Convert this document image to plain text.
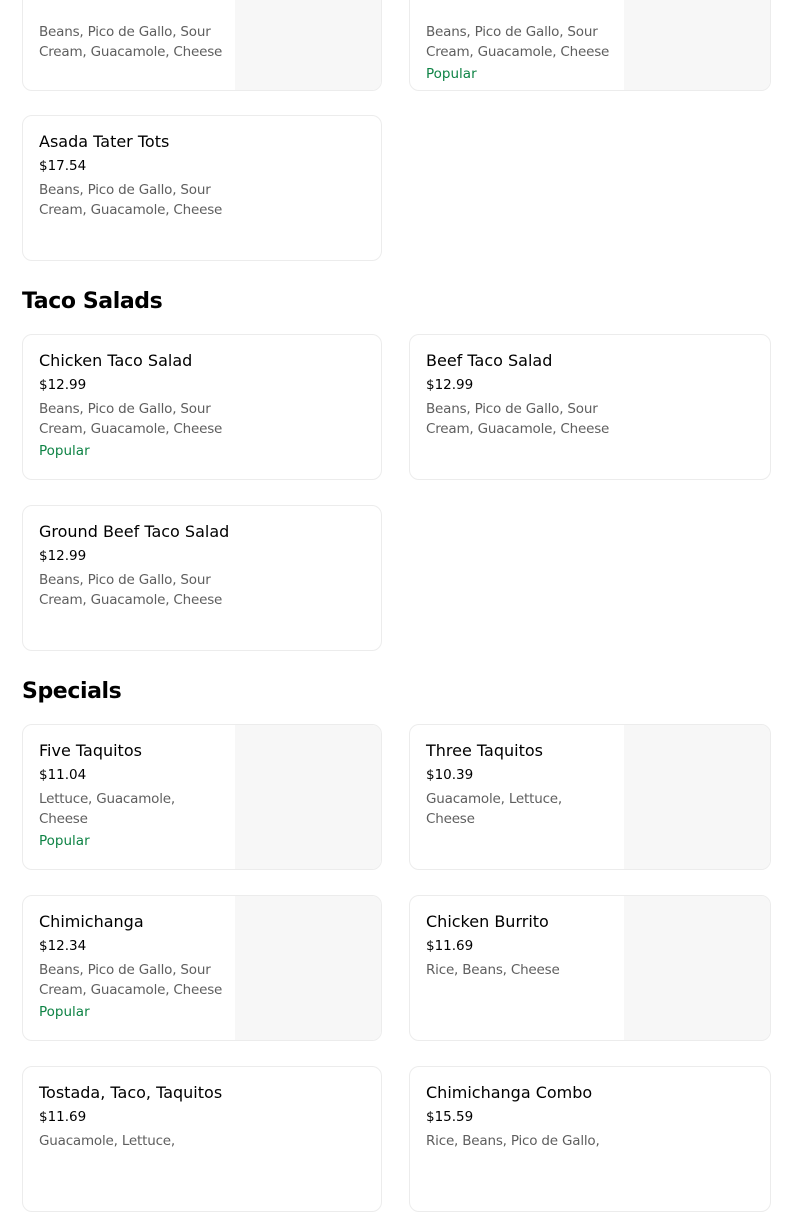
Beans, Pico de Gallo, Sour Cream, Guacamole, Cheese
Beans, Pico de Gallo, Sour Cream, Guacamole, Cheese
Popular
Asada Tater Tots
$17.54
Beans, Pico de Gallo, Sour Cream, Guacamole, Cheese
Taco Salads
Chicken Taco Salad
$12.99
Beans, Pico de Gallo, Sour Cream, Guacamole, Cheese
Popular
Beef Taco Salad
$12.99
Beans, Pico de Gallo, Sour Cream, Guacamole, Cheese
Ground Beef Taco Salad
$12.99
Beans, Pico de Gallo, Sour Cream, Guacamole, Cheese
Specials
Five Taquitos
$11.04
Lettuce, Guacamole, Cheese
Popular
Three Taquitos
$10.39
Guacamole, Lettuce, Cheese
Chimichanga
$12.34
Beans, Pico de Gallo, Sour Cream, Guacamole, Cheese
Popular
Chicken Burrito
$11.69
Rice, Beans, Cheese
Tostada, Taco, Taquitos
$11.69
Guacamole, Lettuce,
Chimichanga Combo
$15.59
Rice, Beans, Pico de Gallo,
